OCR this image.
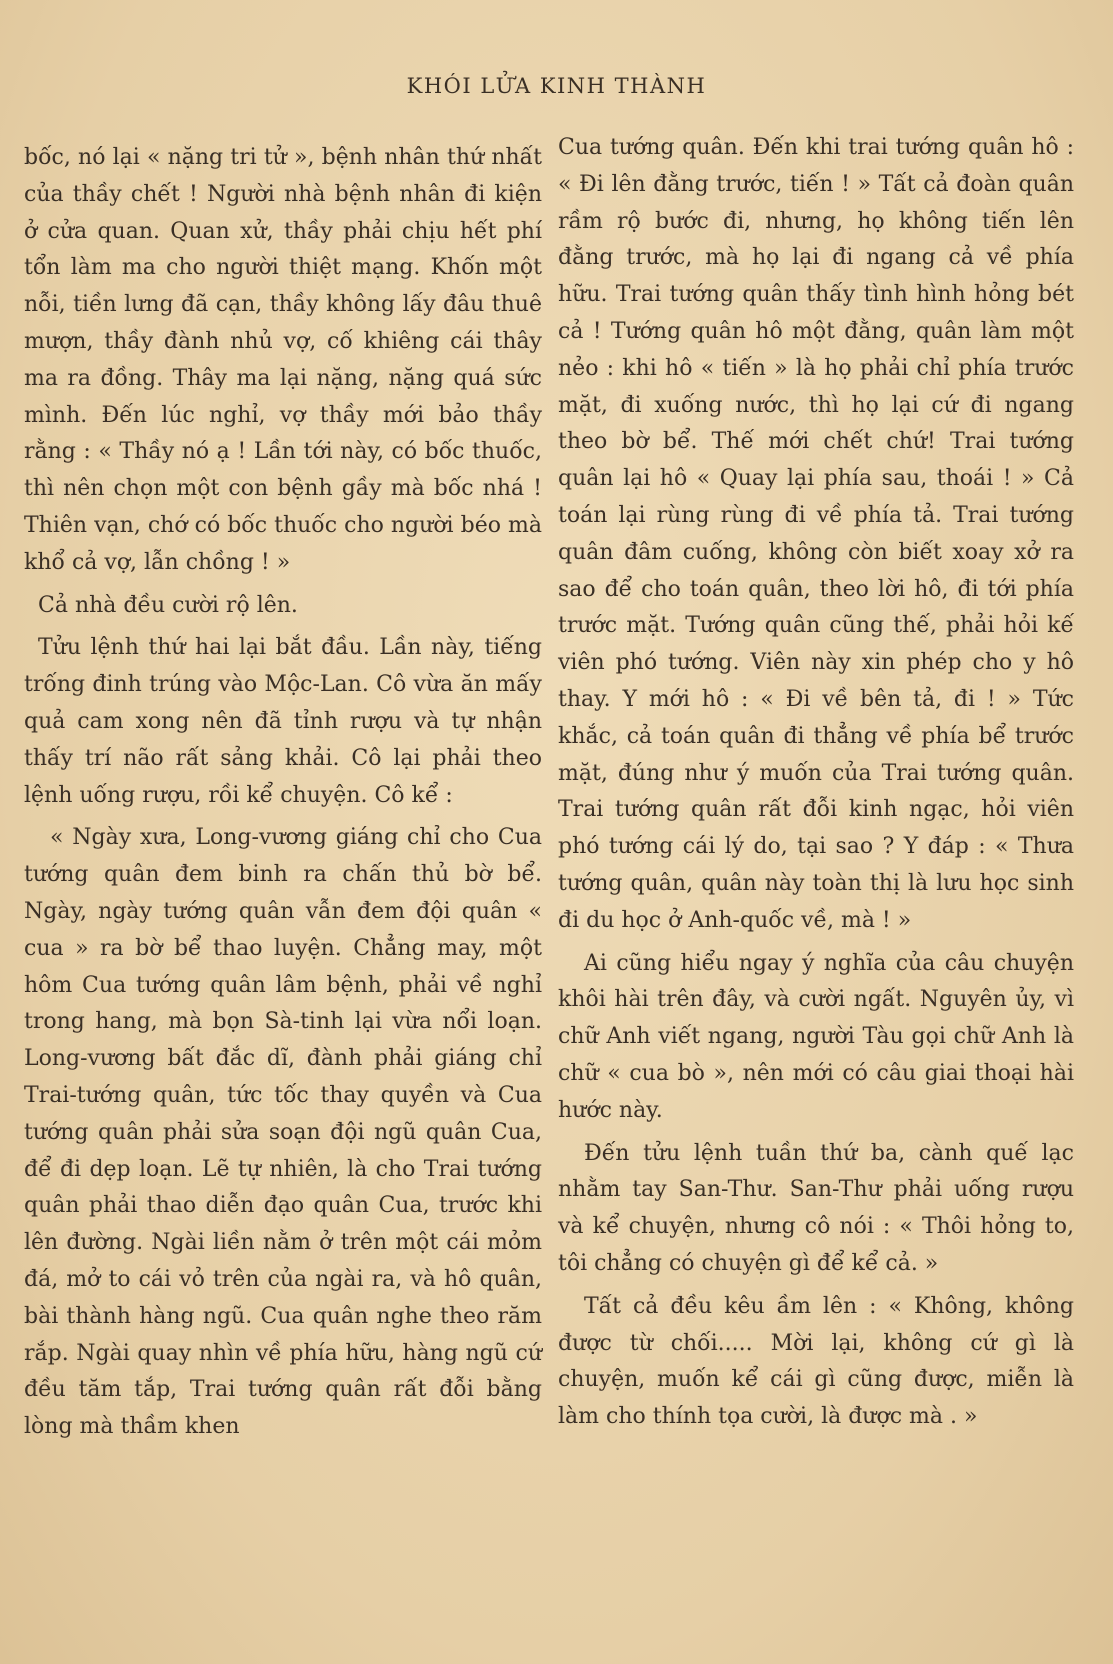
KHÓI LỬA KINH THÀNH

bốc, nó lại « nặng tri tử », bệnh nhân thứ nhất của thầy chết ! Người nhà bệnh nhân đi kiện ở cửa quan. Quan xử, thầy phải chịu hết phí tổn làm ma cho người thiệt mạng. Khốn một nỗi, tiền lưng đã cạn, thầy không lấy đâu thuê mượn, thầy đành nhủ vợ, cố khiêng cái thây ma ra đồng. Thây ma lại nặng, nặng quá sức mình. Đến lúc nghỉ, vợ thầy mới bảo thầy rằng : « Thầy nó ạ ! Lần tới này, có bốc thuốc, thì nên chọn một con bệnh gầy mà bốc nhá ! Thiên vạn, chớ có bốc thuốc cho người béo mà khổ cả vợ, lẫn chồng ! »

Cả nhà đều cười rộ lên.

Tửu lệnh thứ hai lại bắt đầu. Lần này, tiếng trống đinh trúng vào Mộc-Lan. Cô vừa ăn mấy quả cam xong nên đã tỉnh rượu và tự nhận thấy trí não rất sảng khải. Cô lại phải theo lệnh uống rượu, rồi kể chuyện. Cô kể :

« Ngày xưa, Long-vương giáng chỉ cho Cua tướng quân đem binh ra chấn thủ bờ bể. Ngày, ngày tướng quân vẫn đem đội quân « cua » ra bờ bể thao luyện. Chẳng may, một hôm Cua tướng quân lâm bệnh, phải về nghỉ trong hang, mà bọn Sà-tinh lại vừa nổi loạn. Long-vương bất đắc dĩ, đành phải giáng chỉ Trai-tướng quân, tức tốc thay quyền và Cua tướng quân phải sửa soạn đội ngũ quân Cua, để đi dẹp loạn. Lẽ tự nhiên, là cho Trai tướng quân phải thao diễn đạo quân Cua, trước khi lên đường. Ngài liền nằm ở trên một cái mỏm đá, mở to cái vỏ trên của ngài ra, và hô quân, bài thành hàng ngũ. Cua quân nghe theo răm rắp. Ngài quay nhìn về phía hữu, hàng ngũ cứ đều tăm tắp, Trai tướng quân rất đỗi bằng lòng mà thầm khen

Cua tướng quân. Đến khi trai tướng quân hô : « Đi lên đằng trước, tiến ! » Tất cả đoàn quân rầm rộ bước đi, nhưng, họ không tiến lên đằng trước, mà họ lại đi ngang cả về phía hữu. Trai tướng quân thấy tình hình hỏng bét cả ! Tướng quân hô một đằng, quân làm một nẻo : khi hô « tiến » là họ phải chỉ phía trước mặt, đi xuống nước, thì họ lại cứ đi ngang theo bờ bể. Thế mới chết chứ! Trai tướng quân lại hô « Quay lại phía sau, thoái ! » Cả toán lại rùng rùng đi về phía tả. Trai tướng quân đâm cuống, không còn biết xoay xở ra sao để cho toán quân, theo lời hô, đi tới phía trước mặt. Tướng quân cũng thế, phải hỏi kế viên phó tướng. Viên này xin phép cho y hô thay. Y mới hô : « Đi về bên tả, đi ! » Tức khắc, cả toán quân đi thẳng về phía bể trước mặt, đúng như ý muốn của Trai tướng quân. Trai tướng quân rất đỗi kinh ngạc, hỏi viên phó tướng cái lý do, tại sao ? Y đáp : « Thưa tướng quân, quân này toàn thị là lưu học sinh đi du học ở Anh-quốc về, mà ! »

Ai cũng hiểu ngay ý nghĩa của câu chuyện khôi hài trên đây, và cười ngất. Nguyên ủy, vì chữ Anh viết ngang, người Tàu gọi chữ Anh là chữ « cua bò », nên mới có câu giai thoại hài hước này.

Đến tửu lệnh tuần thứ ba, cành quế lạc nhằm tay San-Thư. San-Thư phải uống rượu và kể chuyện, nhưng cô nói : « Thôi hỏng to, tôi chẳng có chuyện gì để kể cả. »

Tất cả đều kêu ầm lên : « Không, không được từ chối..... Mời lại, không cứ gì là chuyện, muốn kể cái gì cũng được, miễn là làm cho thính tọa cười, là được mà . »
